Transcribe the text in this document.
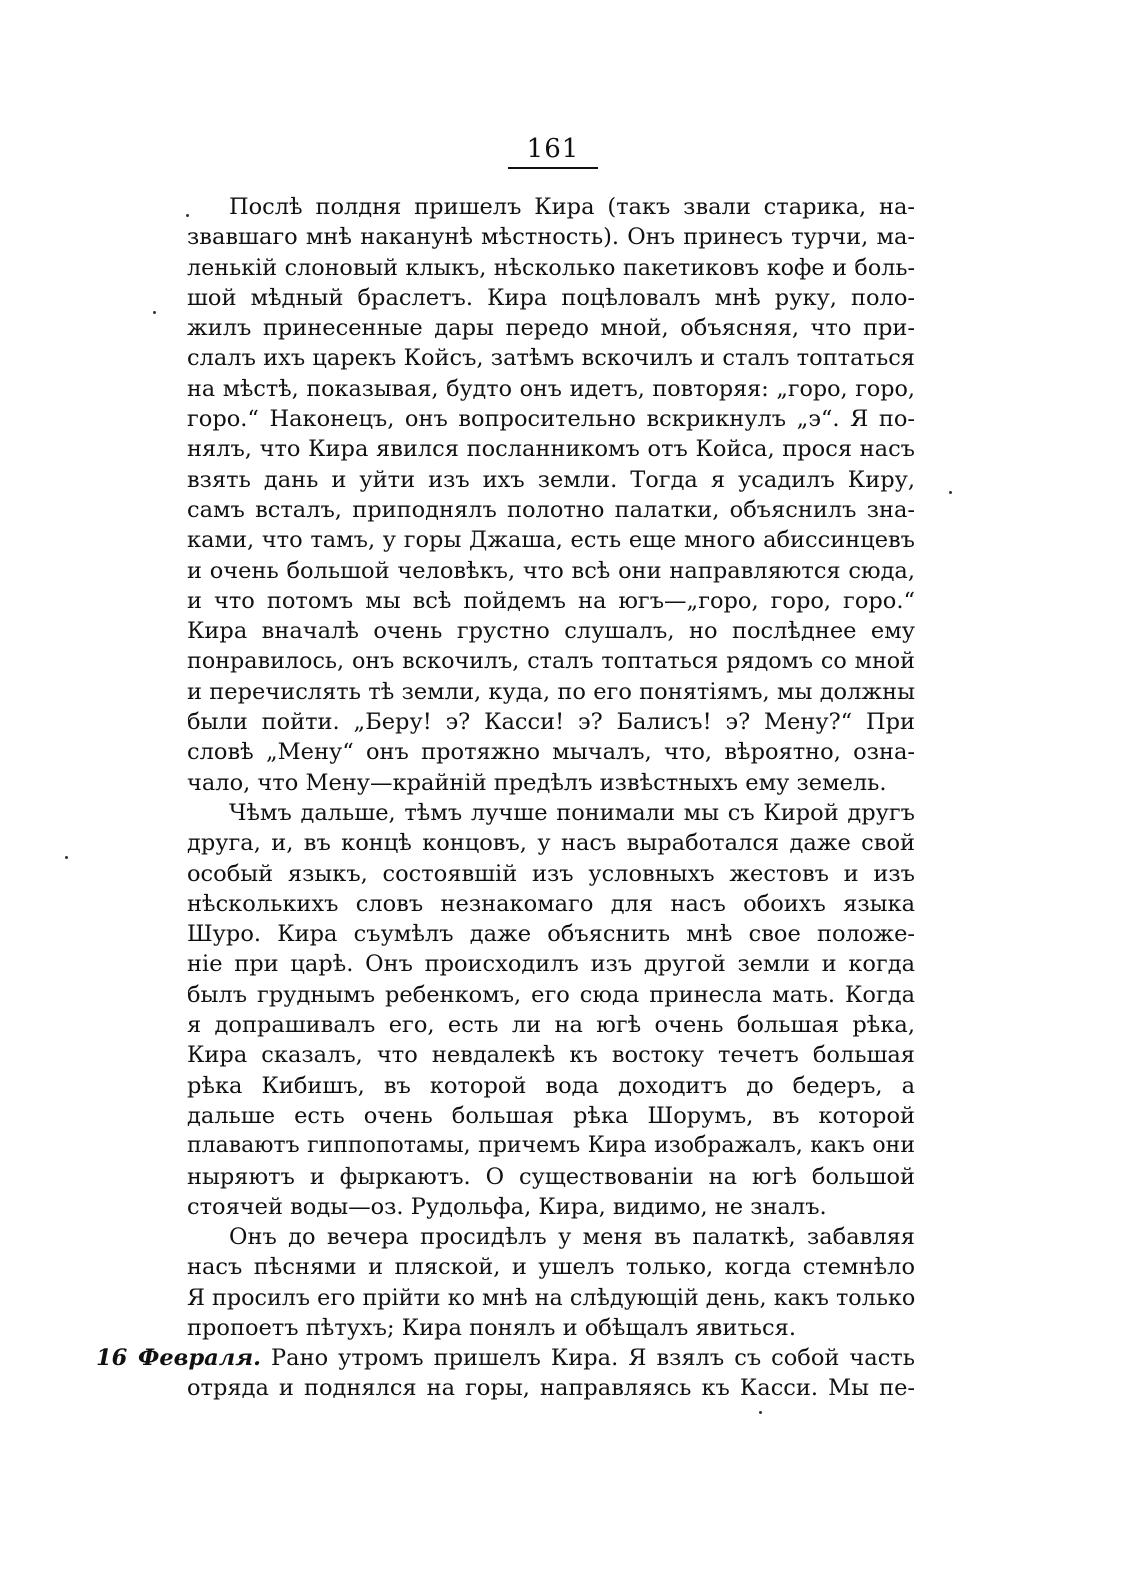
161
Послѣ полдня пришелъ Кира (такъ звали старика, на-
звавшаго мнѣ наканунѣ мѣстность). Онъ принесъ турчи, ма-
ленькій слоновый клыкъ, нѣсколько пакетиковъ кофе и боль-
шой мѣдный браслетъ. Кира поцѣловалъ мнѣ руку, поло-
жилъ принесенные дары передо мной, объясняя, что при-
слалъ ихъ царекъ Койсъ, затѣмъ вскочилъ и сталъ топтаться
на мѣстѣ, показывая, будто онъ идетъ, повторяя: „горо, горо,
горо.“ Наконецъ, онъ вопросительно вскрикнулъ „э“. Я по-
нялъ, что Кира явился посланникомъ отъ Койса, прося насъ
взять дань и уйти изъ ихъ земли. Тогда я усадилъ Киру,
самъ всталъ, приподнялъ полотно палатки, объяснилъ зна-
ками, что тамъ, у горы Джаша, есть еще много абиссинцевъ
и очень большой человѣкъ, что всѣ они направляются сюда,
и что потомъ мы всѣ пойдемъ на югъ—„горо, горо, горо.“
Кира вначалѣ очень грустно слушалъ, но послѣднее ему
понравилось, онъ вскочилъ, сталъ топтаться рядомъ со мной
и перечислять тѣ земли, куда, по его понятіямъ, мы должны
были пойти. „Беру! э? Касси! э? Балисъ! э? Мену?“ При
словѣ „Мену“ онъ протяжно мычалъ, что, вѣроятно, озна-
чало, что Мену—крайній предѣлъ извѣстныхъ ему земель.
Чѣмъ дальше, тѣмъ лучше понимали мы съ Кирой другъ
друга, и, въ концѣ концовъ, у насъ выработался даже свой
особый языкъ, состоявшій изъ условныхъ жестовъ и изъ
нѣсколькихъ словъ незнакомаго для насъ обоихъ языка
Шуро. Кира съумѣлъ даже объяснить мнѣ свое положе-
ніе при царѣ. Онъ происходилъ изъ другой земли и когда
былъ груднымъ ребенкомъ, его сюда принесла мать. Когда
я допрашивалъ его, есть ли на югѣ очень большая рѣка,
Кира сказалъ, что невдалекѣ къ востоку течетъ большая
рѣка Кибишъ, въ которой вода доходитъ до бедеръ, а
дальше есть очень большая рѣка Шорумъ, въ которой
плаваютъ гиппопотамы, причемъ Кира изображалъ, какъ они
ныряютъ и фыркаютъ. О существованіи на югѣ большой
стоячей воды—оз. Рудольфа, Кира, видимо, не зналъ.
Онъ до вечера просидѣлъ у меня въ палаткѣ, забавляя
насъ пѣснями и пляской, и ушелъ только, когда стемнѣло
Я просилъ его прійти ко мнѣ на слѣдующій день, какъ только
пропоетъ пѣтухъ; Кира понялъ и обѣщалъ явиться.
16 Февраля. Рано утромъ пришелъ Кира. Я взялъ съ собой часть
отряда и поднялся на горы, направляясь къ Касси. Мы пе-
